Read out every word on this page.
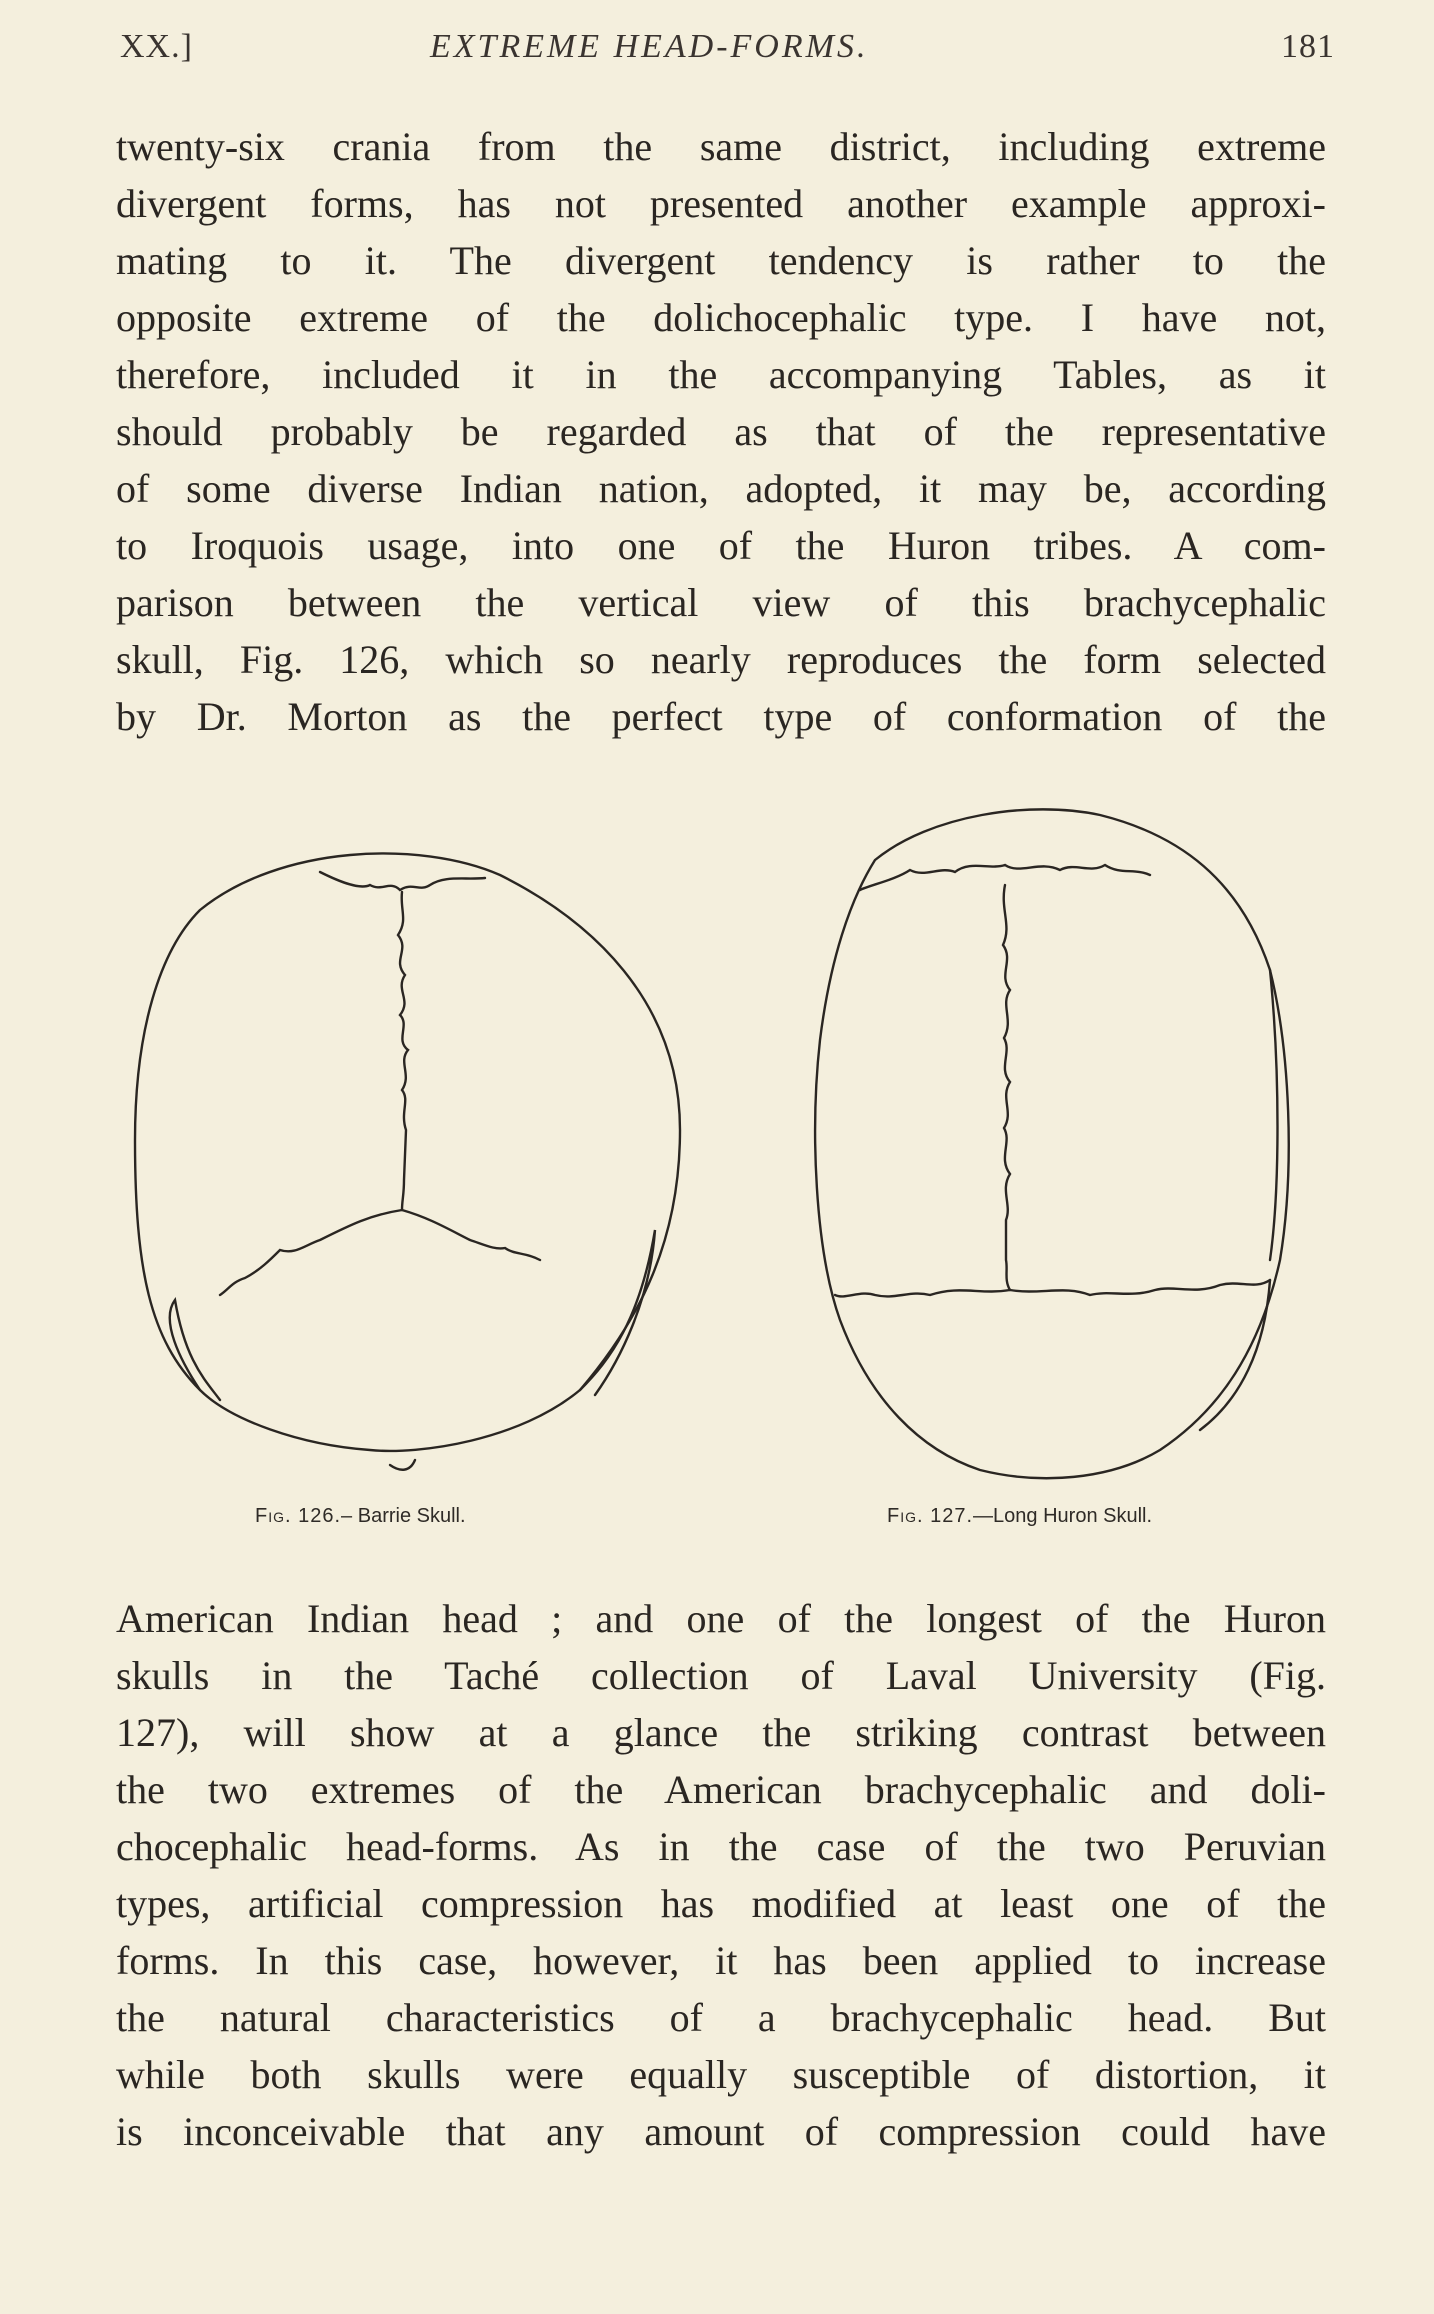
XX.]	EXTREME HEAD-FORMS.	181
twenty-six crania from the same district, including extreme
divergent forms, has not presented another example approxi-
mating to it. The divergent tendency is rather to the
opposite extreme of the dolichocephalic type. I have not,
therefore, included it in the accompanying Tables, as it
should probably be regarded as that of the representative
of some diverse Indian nation, adopted, it may be, according
to Iroquois usage, into one of the Huron tribes. A com-
parison between the vertical view of this brachycephalic
skull, Fig. 126, which so nearly reproduces the form selected
by Dr. Morton as the perfect type of conformation of the
Fig. 126.– Barrie Skull.	Fig. 127.—Long Huron Skull.
American Indian head ; and one of the longest of the Huron
skulls in the Taché collection of Laval University (Fig.
127), will show at a glance the striking contrast between
the two extremes of the American brachycephalic and doli-
chocephalic head-forms. As in the case of the two Peruvian
types, artificial compression has modified at least one of the
forms. In this case, however, it has been applied to increase
the natural characteristics of a brachycephalic head. But
while both skulls were equally susceptible of distortion, it
is inconceivable that any amount of compression could have
